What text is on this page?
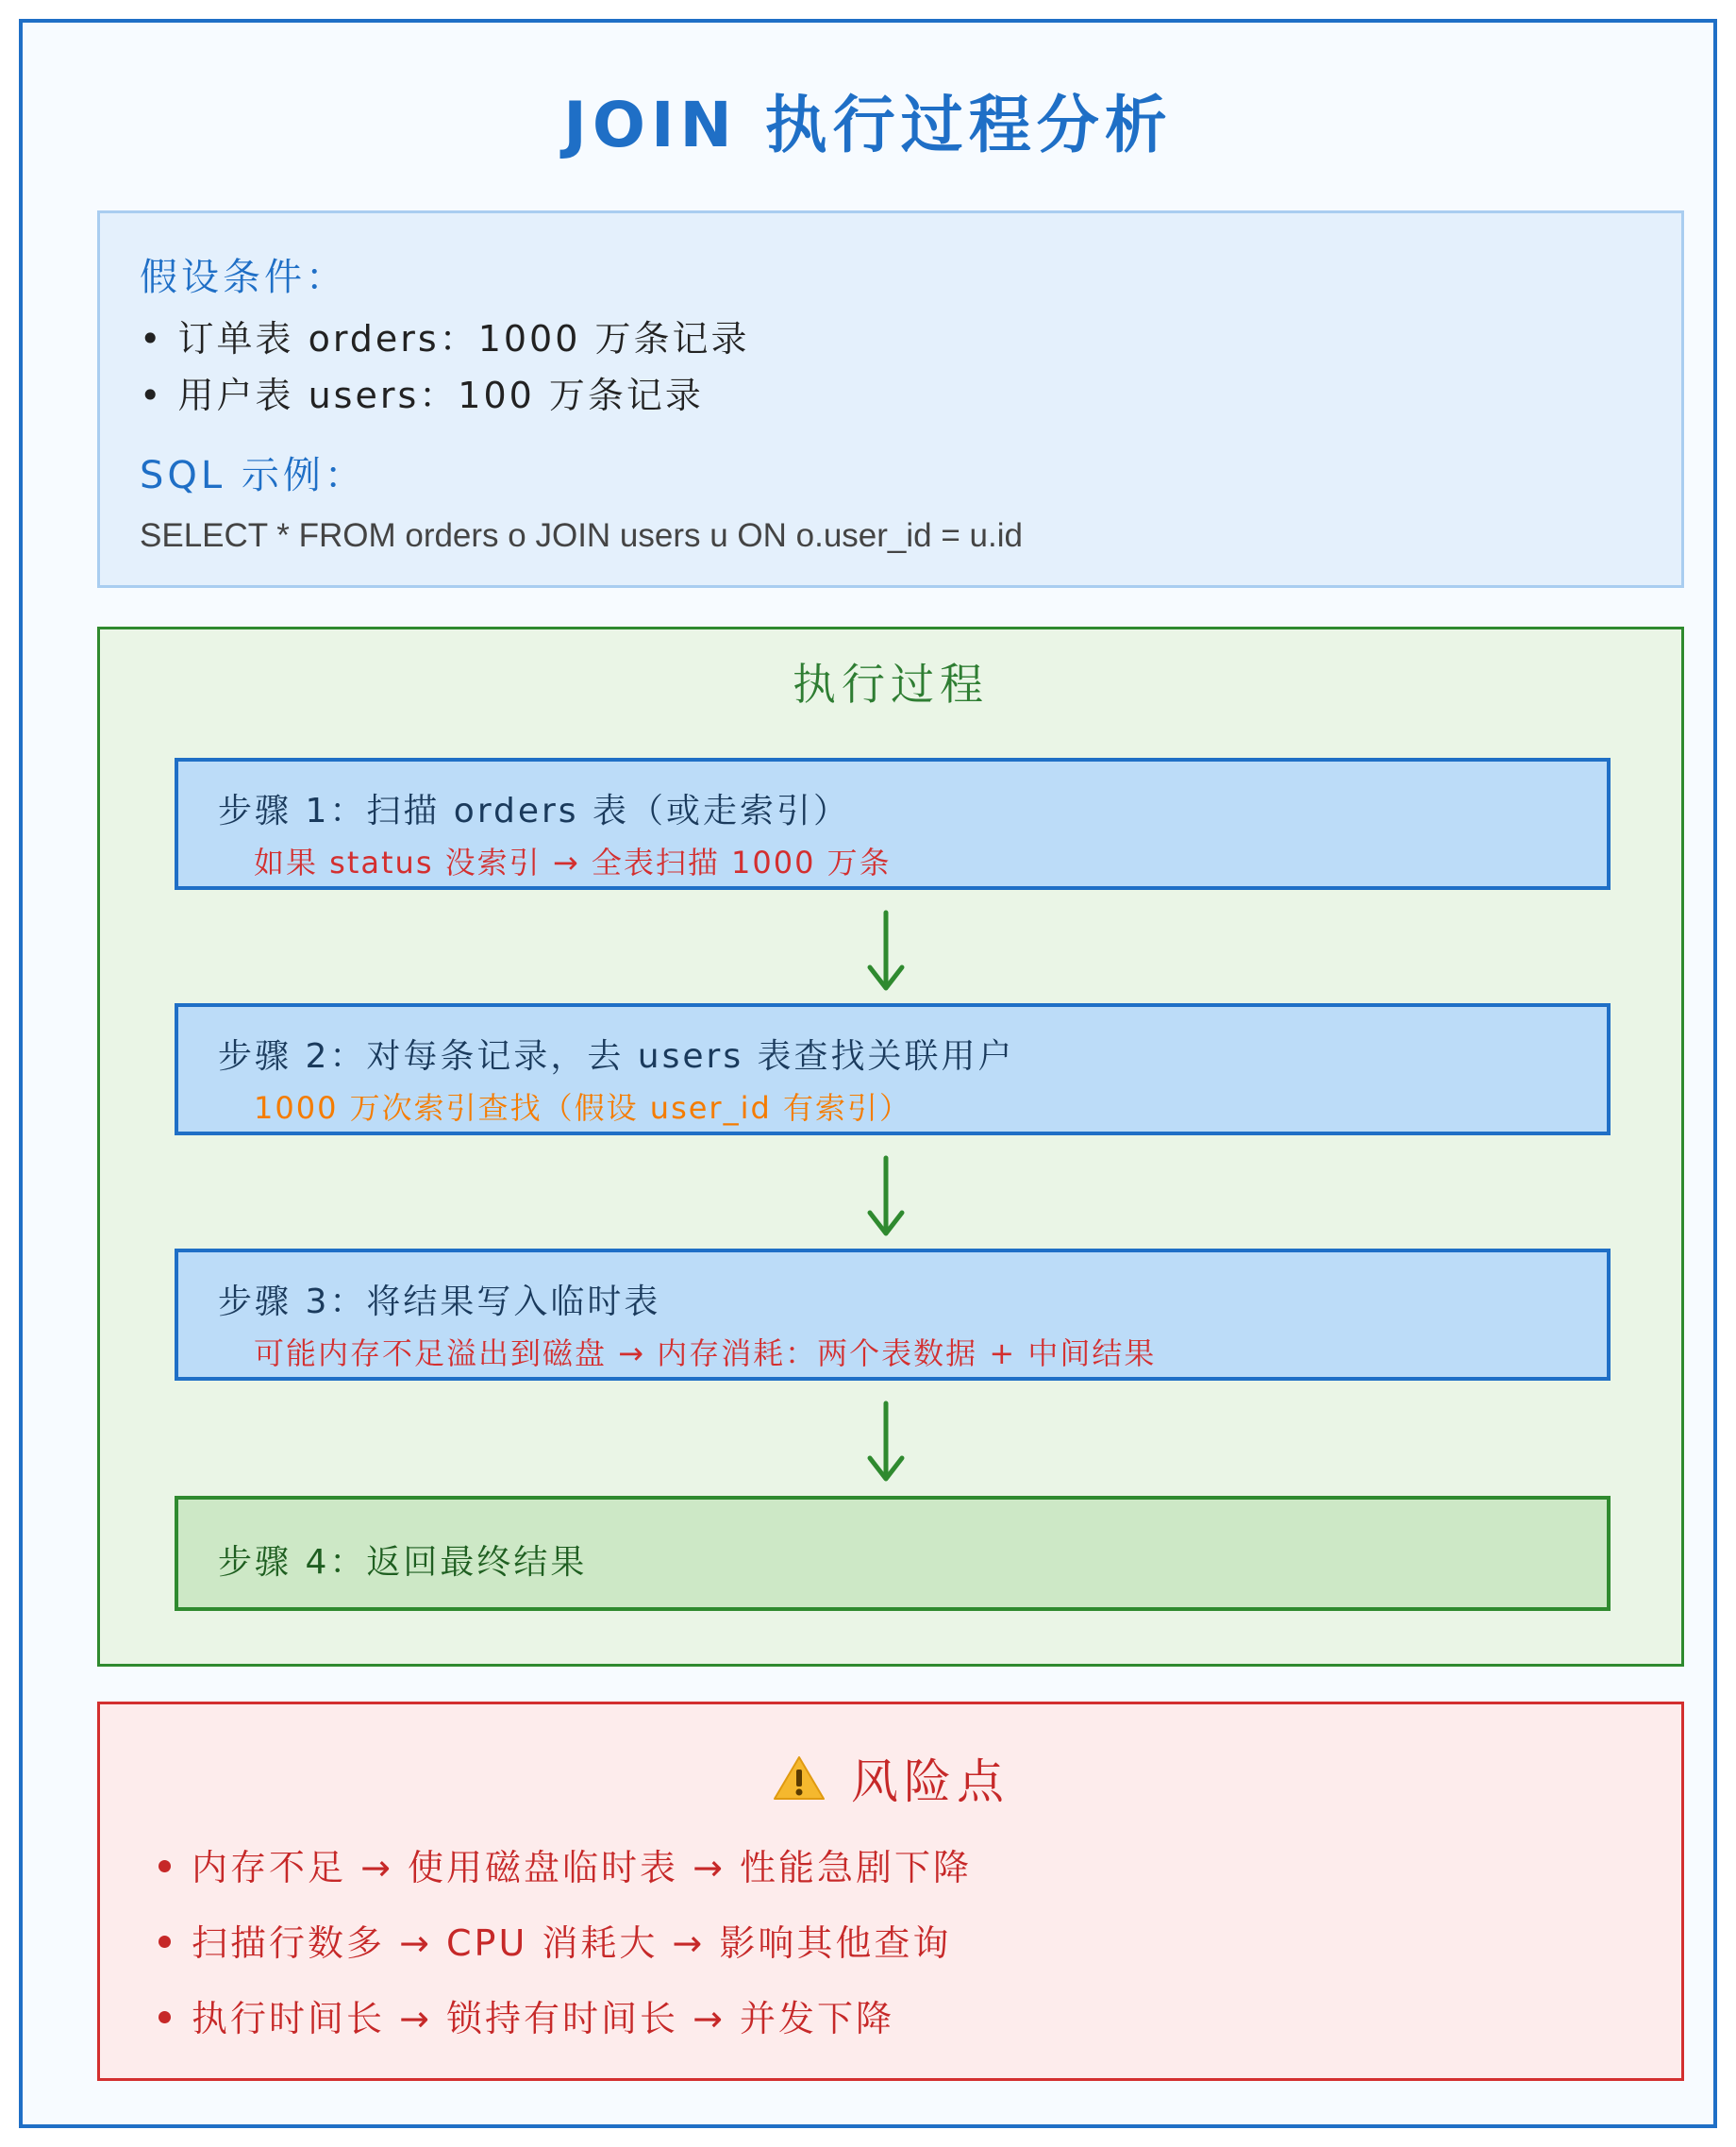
JOIN 执行过程分析
假设条件：
• 订单表 orders：1000 万条记录
• 用户表 users：100 万条记录
SQL 示例：
SELECT * FROM orders o JOIN users u ON o.user_id = u.id
执行过程
步骤 1：扫描 orders 表（或走索引）
如果 status 没索引 → 全表扫描 1000 万条
步骤 2：对每条记录，去 users 表查找关联用户
1000 万次索引查找（假设 user_id 有索引）
步骤 3：将结果写入临时表
可能内存不足溢出到磁盘 → 内存消耗：两个表数据 + 中间结果
步骤 4：返回最终结果
风险点
内存不足 → 使用磁盘临时表 → 性能急剧下降
扫描行数多 → CPU 消耗大 → 影响其他查询
执行时间长 → 锁持有时间长 → 并发下降
